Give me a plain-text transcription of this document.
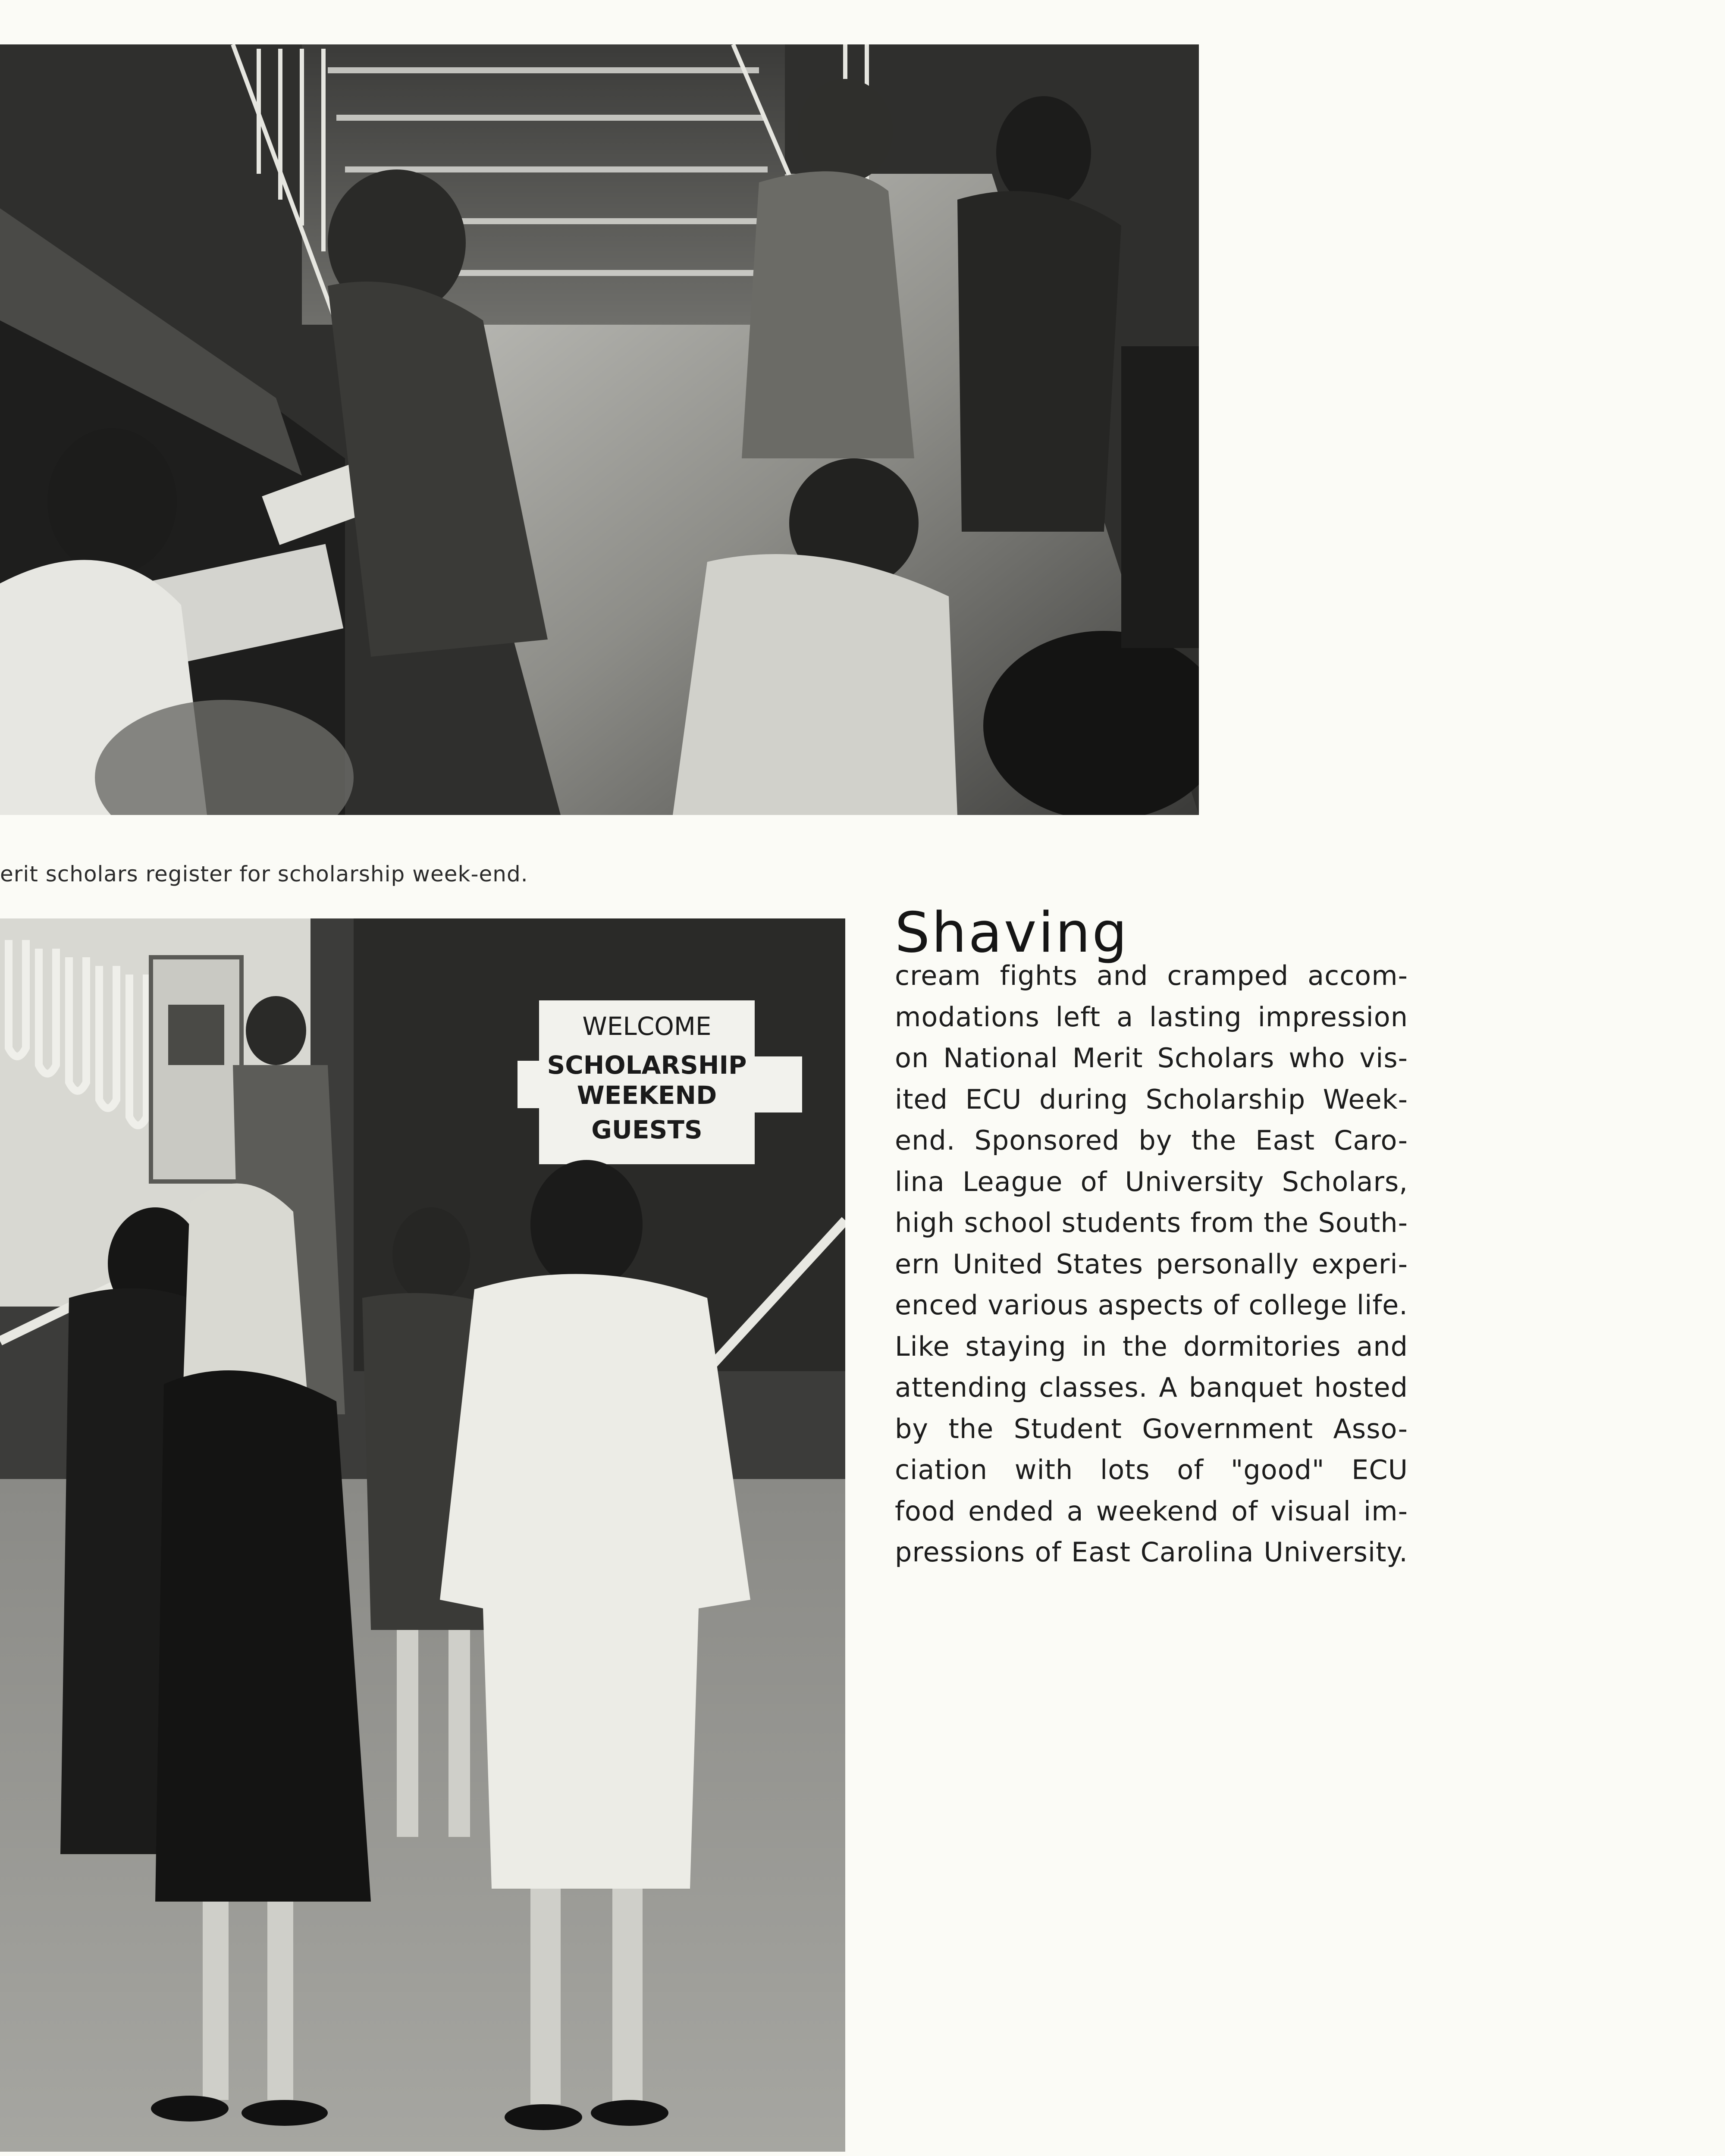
erit scholars register for scholarship week-end.
WELCOME
SCHOLARSHIP
WEEKEND
GUESTS
Shaving
cream fights and cramped accom-
modations left a lasting impression
on National Merit Scholars who vis-
ited ECU during Scholarship Week-
end. Sponsored by the East Caro-
lina League of University Scholars,
high school students from the South-
ern United States personally experi-
enced various aspects of college life.
Like staying in the dormitories and
attending classes. A banquet hosted
by the Student Government Asso-
ciation with lots of "good" ECU
food ended a weekend of visual im-
pressions of East Carolina University.
